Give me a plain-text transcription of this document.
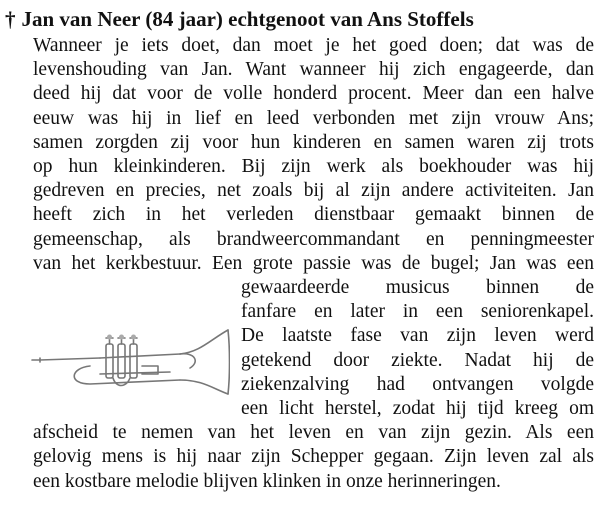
† Jan van Neer (84 jaar) echtgenoot van Ans Stoffels
Wanneer je iets doet, dan moet je het goed doen; dat was de
levenshouding van Jan. Want wanneer hij zich engageerde, dan
deed hij dat voor de volle honderd procent. Meer dan een halve
eeuw was hij in lief en leed verbonden met zijn vrouw Ans;
samen zorgden zij voor hun kinderen en samen waren zij trots
op hun kleinkinderen. Bij zijn werk als boekhouder was hij
gedreven en precies, net zoals bij al zijn andere activiteiten. Jan
heeft zich in het verleden dienstbaar gemaakt binnen de
gemeenschap, als brandweercommandant en penningmeester
van het kerkbestuur. Een grote passie was de bugel; Jan was een
gewaardeerde musicus binnen de
fanfare en later in een seniorenkapel.
De laatste fase van zijn leven werd
getekend door ziekte. Nadat hij de
ziekenzalving had ontvangen volgde
een licht herstel, zodat hij tijd kreeg om
afscheid te nemen van het leven en van zijn gezin. Als een
gelovig mens is hij naar zijn Schepper gegaan. Zijn leven zal als
een kostbare melodie blijven klinken in onze herinneringen.
